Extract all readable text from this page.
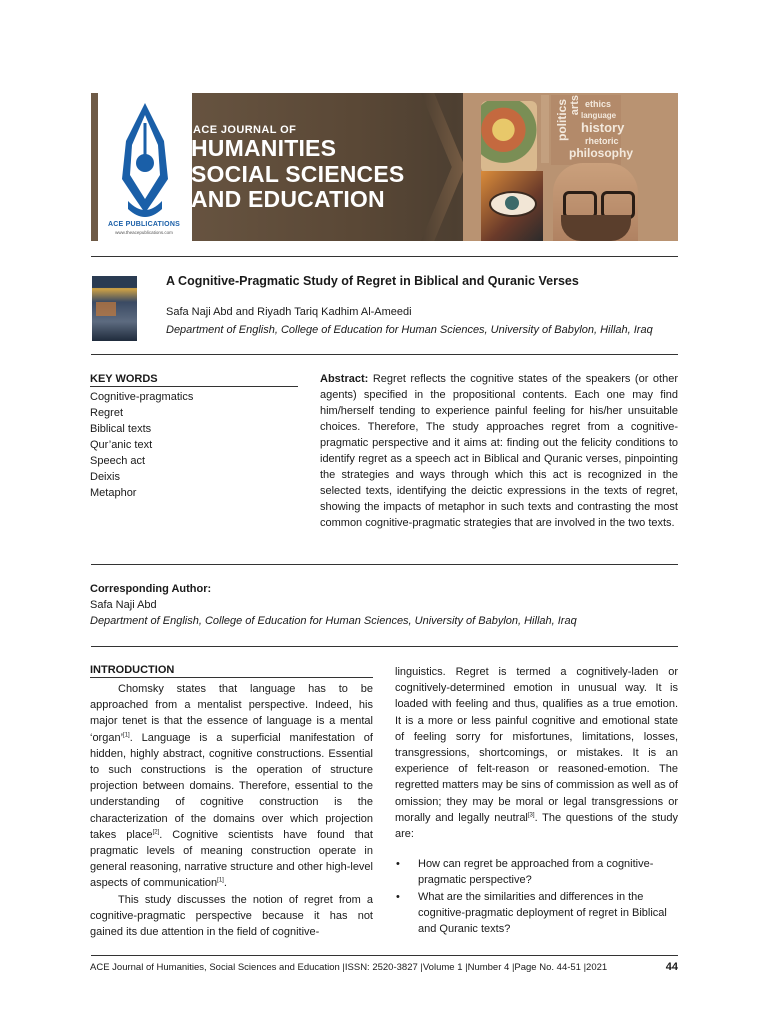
ACE PUBLICATIONS
www.theacepublications.com
ACE JOURNAL OF
HUMANITIES
SOCIAL SCIENCES
AND EDUCATION
politics arts ethics
language
history
rhetoric
philosophy
A Cognitive-Pragmatic Study of Regret in Biblical and Quranic Verses
Safa Naji Abd and Riyadh Tariq Kadhim Al-Ameedi
Department of English, College of Education for Human Sciences, University of Babylon, Hillah, Iraq
KEY WORDS
Cognitive-pragmatics
Regret
Biblical texts
Qur’anic text
Speech act
Deixis
Metaphor
Abstract: Regret reflects the cognitive states of the speakers (or other agents) specified in the propositional contents. Each one may find him/herself tending to experience painful feeling for his/her unsuitable choices. Therefore, The study approaches regret from a cognitive-pragmatic perspective and it aims at: finding out the felicity conditions to identify regret as a speech act in Biblical and Quranic verses, pinpointing the strategies and ways through which this act is recognized in the selected texts, identifying the deictic expressions in the texts of regret, showing the impacts of metaphor in such texts and contrasting the most common cognitive-pragmatic strategies that are involved in the two texts.
Corresponding Author:
Safa Naji Abd
Department of English, College of Education for Human Sciences, University of Babylon, Hillah, Iraq
INTRODUCTION

Chomsky states that language has to be approached from a mentalist perspective. Indeed, his major tenet is that the essence of language is a mental ‘organ’[1]. Language is a superficial manifestation of hidden, highly abstract, cognitive constructions. Essential to such constructions is the operation of structure projection between domains. Therefore, essential to the understanding of cognitive construction is the characterization of the domains over which projection takes place[2]. Cognitive scientists have found that pragmatic levels of meaning construction operate in general reasoning, narrative structure and other high-level aspects of communication[1].

This study discusses the notion of regret from a cognitive-pragmatic perspective because it has not gained its due attention in the field of cognitive-

linguistics. Regret is termed a cognitively-laden or cognitively-determined emotion in unusual way. It is loaded with feeling and thus, qualifies as a true emotion. It is a more or less painful cognitive and emotional state of feeling sorry for misfortunes, limitations, losses, transgressions, shortcomings, or mistakes. It is an experience of felt-reason or reasoned-emotion. The regretted matters may be sins of commission as well as of omission; they may be moral or legal transgressions or morally and legally neutral[3]. The questions of the study are:

• How can regret be approached from a cognitive-pragmatic perspective?
• What are the similarities and differences in the cognitive-pragmatic deployment of regret in Biblical and Quranic texts?
ACE Journal of Humanities, Social Sciences and Education |ISSN: 2520-3827 |Volume 1 |Number 4 |Page No. 44-51 |2021	44
